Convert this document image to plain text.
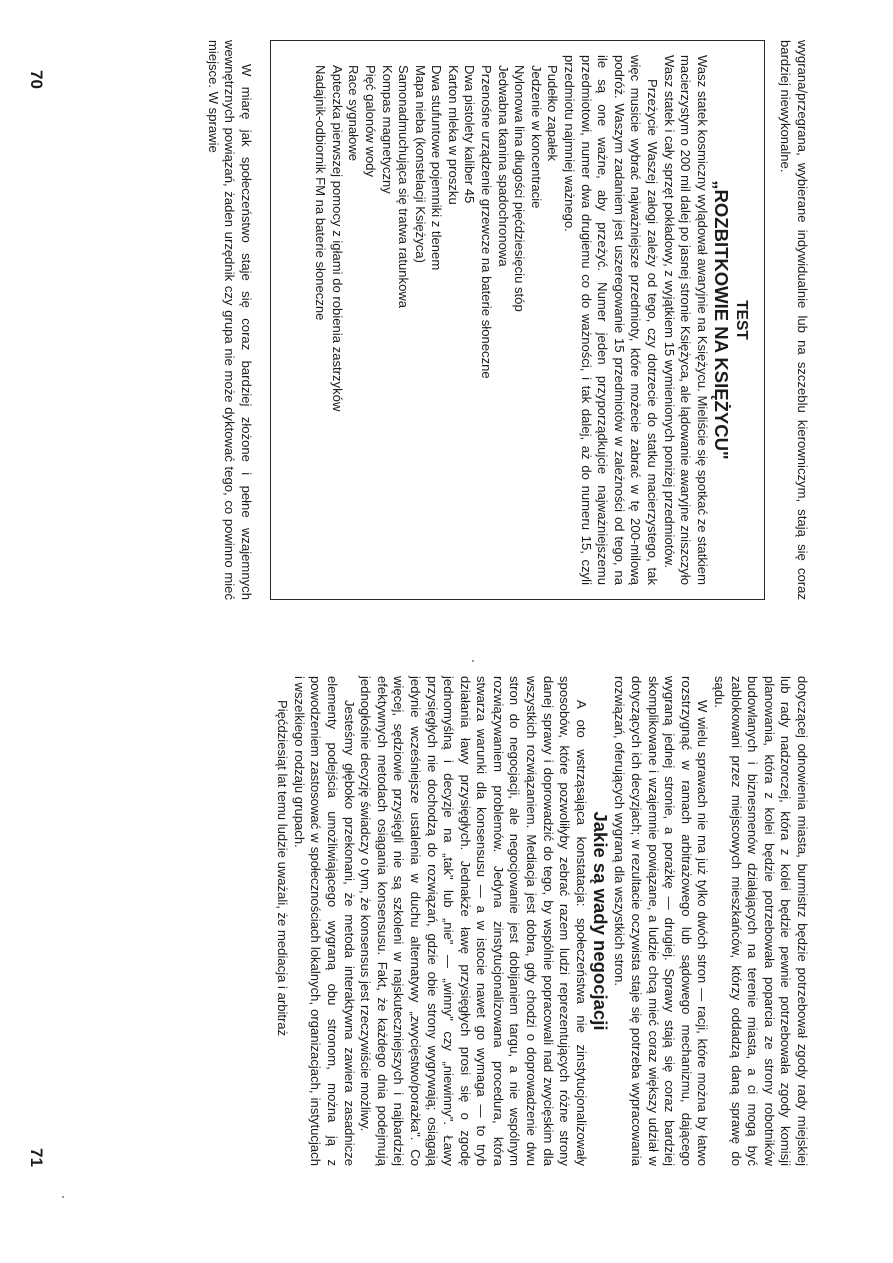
wygrana/przegrana, wybierane indywidualnie lub na szczeblu kierowniczym, stają się coraz bardziej niewykonalne.

TEST

„ROZBITKOWIE NA KSIĘŻYCU"

Wasz statek kosmiczny wylądował awaryjnie na Księżycu. Mieliście się spotkać ze statkiem macierzystym o 200 mil dalej po jasnej stronie Księżyca, ale lądowanie awaryjne zniszczyło Wasz statek i cały sprzęt pokładowy, z wyjątkiem 15 wymienionych poniżej przedmiotów.

Przeżycie Waszej załogi zależy od tego, czy dotrzecie do statku macierzystego, tak więc musicie wybrać najważniejsze przedmioty, które możecie zabrać w tę 200-milową podróż. Waszym zadaniem jest uszeregowanie 15 przedmiotów w zależności od tego, na ile są one ważne, aby przeżyć. Numer jeden przyporządkujcie najważniejszemu przedmiotowi, numer dwa drugiemu co do ważności, i tak dalej, aż do numeru 15, czyli przedmiotu najmniej ważnego.

Pudełko zapałek
Jedzenie w koncentracie
Nylonowa lina długości pięćdziesięciu stóp
Jedwabna tkanina spadochronowa
Przenośne urządzenie grzewcze na baterie słoneczne
Dwa pistolety kaliber 45
Karton mleka w proszku
Dwa stufuntowe pojemniki z tlenem
Mapa nieba (konstelacji Księżyca)
Samonadmuchująca się tratwa ratunkowa
Kompas magnetyczny
Pięć galonów wody
Race sygnałowe
Apteczka pierwszej pomocy z igłami do robienia zastrzyków
Nadajnik-odbiornik FM na baterie słoneczne

W miarę jak społeczeństwo staje się coraz bardziej złożone i pełne wzajemnych wewnętrznych powiązań, żaden urzędnik czy grupa nie może dyktować tego, co powinno mieć miejsce. W sprawie

70

dotyczącej odnowienia miasta, burmistrz będzie potrzebował zgody rady miejskiej lub rady nadzorczej, która z kolei będzie pewnie potrzebowała zgody komisji planowania, która z kolei będzie potrzebowała poparcia ze strony robotników budowlanych i biznesmenów działających na terenie miasta, a ci mogą być zablokowani przez miejscowych mieszkańców, którzy oddadzą daną sprawę do sądu.

W wielu sprawach nie ma już tylko dwóch stron — racji, które można by łatwo rozstrzygnąć w ramach arbitrażowego lub sądowego mechanizmu, dającego wygraną jednej stronie, a porażkę — drugiej. Sprawy stają się coraz bardziej skomplikowane i wzajemnie powiązane, a ludzie chcą mieć coraz większy udział w dotyczących ich decyzjach; w rezultacie oczywista staje się potrzeba wypracowania rozwiązań, oferujących wygraną dla wszystkich stron.

Jakie są wady negocjacji

A oto wstrząsająca konstatacja: społeczeństwa nie zinstytucjonalizowały sposobów, które pozwoliłyby zebrać razem ludzi reprezentujących różne strony danej sprawy i doprowadzić do tego, by wspólnie popracowali nad zwycięskim dla wszystkich rozwiązaniem. Mediacja jest dobra, gdy chodzi o doprowadzenie dwu stron do negocjacji, ale negocjowanie jest dobijaniem targu, a nie wspólnym rozwiązywaniem problemów. Jedyna zinstytucjonalizowana procedura, która stwarza warunki dla konsensusu — a w istocie nawet go wymaga — to tryb działania ławy przysięgłych. Jednakże ławę przysięgłych prosi się o zgodę jednomyślną i decyzje na „tak" lub „nie" — „winny" czy „niewinny". Ławy przysięgłych nie dochodzą do rozwiązań, gdzie obie strony wygrywają; osiągają jedynie wcześniejsze ustalenia w duchu alternatywy „zwycięstwo/porażka". Co więcej, sędziowie przysięgli nie są szkoleni w najskuteczniejszych i najbardziej efektywnych metodach osiągania konsensusu. Fakt, że każdego dnia podejmują jednogłośnie decyzję świadczy o tym, że konsensus jest rzeczywiście możliwy.

Jesteśmy głęboko przekonani, że metoda interaktywna zawiera zasadnicze elementy podejścia umożliwiającego wygraną obu stronom, można ją z powodzeniem zastosować w społecznościach lokalnych, organizacjach, instytucjach i wszelkiego rodzaju grupach.

Pięćdziesiąt lat temu ludzie uważali, że mediacja i arbitraż

71
